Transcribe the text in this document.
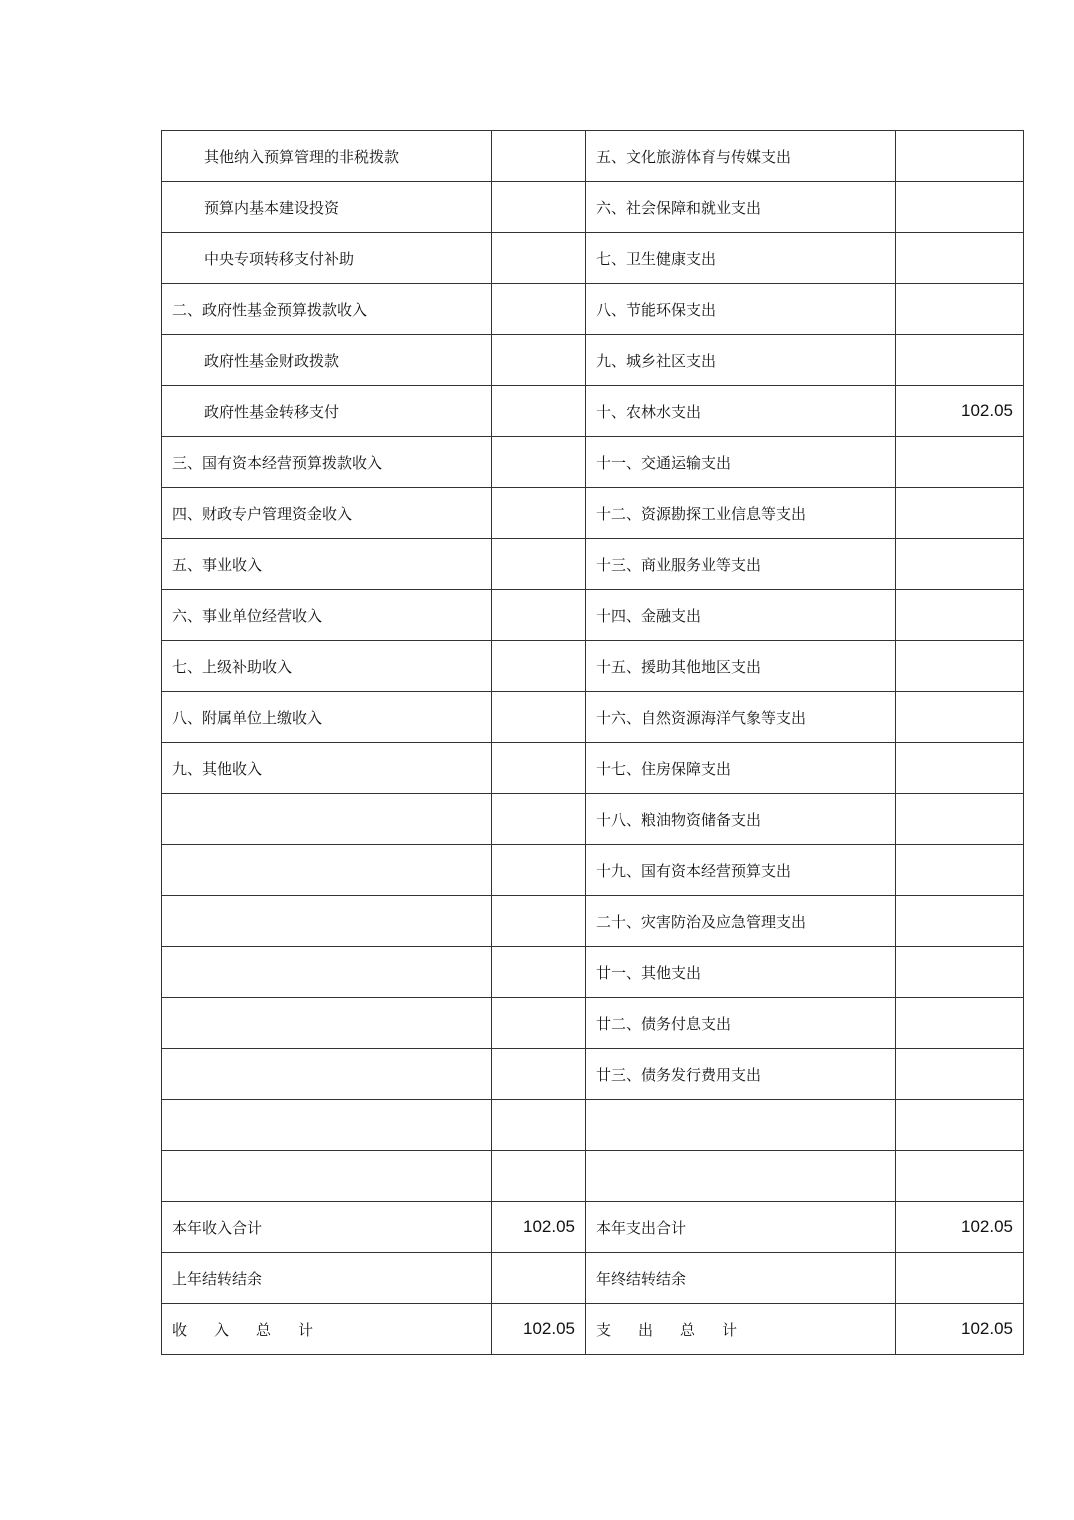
其他纳入预算管理的非税拨款		五、文化旅游体育与传媒支出	
预算内基本建设投资		六、社会保障和就业支出	
中央专项转移支付补助		七、卫生健康支出	
二、政府性基金预算拨款收入		八、节能环保支出	
政府性基金财政拨款		九、城乡社区支出	
政府性基金转移支付		十、农林水支出	102.05
三、国有资本经营预算拨款收入		十一、交通运输支出	
四、财政专户管理资金收入		十二、资源勘探工业信息等支出	
五、事业收入		十三、商业服务业等支出	
六、事业单位经营收入		十四、金融支出	
七、上级补助收入		十五、援助其他地区支出	
八、附属单位上缴收入		十六、自然资源海洋气象等支出	
九、其他收入		十七、住房保障支出	
		十八、粮油物资储备支出	
		十九、国有资本经营预算支出	
		二十、灾害防治及应急管理支出	
		廿一、其他支出	
		廿二、债务付息支出	
		廿三、债务发行费用支出	

本年收入合计	102.05	本年支出合计	102.05
上年结转结余		年终结转结余	
收 入 总 计	102.05	支 出 总 计	102.05
